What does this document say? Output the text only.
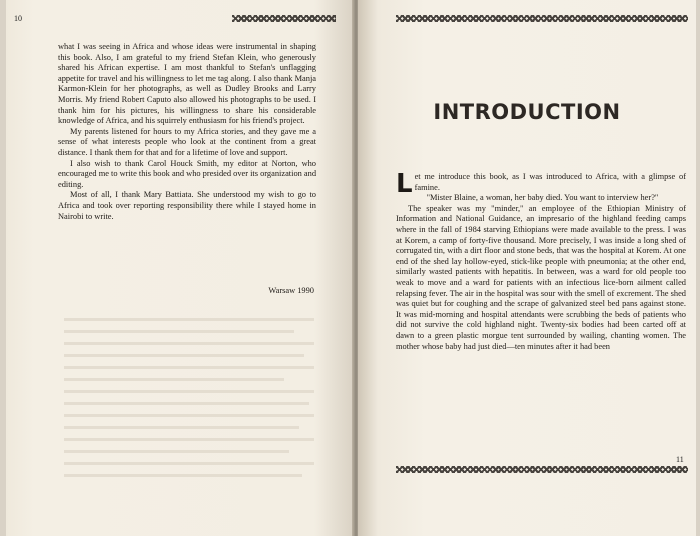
10

what I was seeing in Africa and whose ideas were instrumental in shaping this book. Also, I am grateful to my friend Stefan Klein, who generously shared his African expertise. I am most thankful to Stefan's unflagging appetite for travel and his willingness to let me tag along. I also thank Manja Karmon-Klein for her photographs, as well as Dudley Brooks and Larry Morris. My friend Robert Caputo also allowed his photographs to be used. I thank him for his pictures, his willingness to share his considerable knowledge of Africa, and his squirrely enthusiasm for his friend's project.

My parents listened for hours to my Africa stories, and they gave me a sense of what interests people who look at the continent from a great distance. I thank them for that and for a lifetime of love and support.

I also wish to thank Carol Houck Smith, my editor at Norton, who encouraged me to write this book and who presided over its organization and editing.

Most of all, I thank Mary Battiata. She understood my wish to go to Africa and took over reporting responsibility there while I stayed home in Nairobi to write.

Warsaw 1990
INTRODUCTION

Let me introduce this book, as I was introduced to Africa, with a glimpse of famine.

"Mister Blaine, a woman, her baby died. You want to interview her?"

The speaker was my "minder," an employee of the Ethiopian Ministry of Information and National Guidance, an impresario of the highland feeding camps where in the fall of 1984 starving Ethiopians were made available to the press. I was at Korem, a camp of forty-five thousand. More precisely, I was inside a long shed of corrugated tin, with a dirt floor and stone beds, that was the hospital at Korem. At one end of the shed lay hollow-eyed, stick-like people with pneumonia; at the other end, similarly wasted patients with hepatitis. In between, was a ward for old people too weak to move and a ward for patients with an infectious lice-born ailment called relapsing fever. The air in the hospital was sour with the smell of excrement. The shed was quiet but for coughing and the scrape of galvanized steel bed pans against stone. It was mid-morning and hospital attendants were scrubbing the beds of patients who did not survive the cold highland night. Twenty-six bodies had been carted off at dawn to a green plastic morgue tent surrounded by wailing, chanting women. The mother whose baby had just died—ten minutes after it had been

11
